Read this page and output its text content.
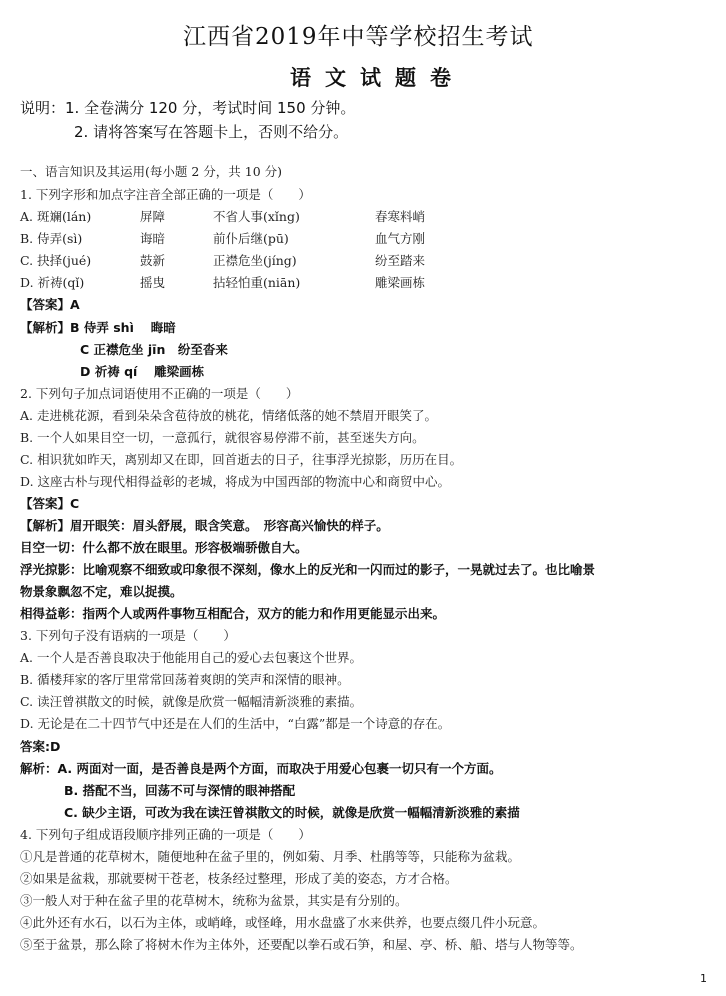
江西省2019年中等学校招生考试
语文试题卷
说明：1. 全卷满分 120 分，考试时间 150 分钟。
2. 请将答案写在答题卡上，否则不给分。
一、语言知识及其运用(每小题 2 分，共 10 分)
1. 下列字形和加点字注音全部正确的一项是（　　）
A. 斑斓(lán)	屏障	不省人事(xǐng)	春寒料峭
B. 侍弄(sì)	诲暗	前仆后继(pū)	血气方刚
C. 抉择(jué)	鼓新	正襟危坐(jíng)	纷至踏来
D. 祈祷(qǐ)	摇曳	拈轻怕重(niān)	雕梁画栋
【答案】A
【解析】B 侍弄 shì　 晦暗
C 正襟危坐 jīn　纷至沓来
D 祈祷 qí　 雕梁画栋
2. 下列句子加点词语使用不正确的一项是（　　）
A. 走进桃花源，看到朵朵含苞待放的桃花，情绪低落的她不禁眉开眼笑了。
B. 一个人如果目空一切，一意孤行，就很容易停滞不前，甚至迷失方向。
C. 相识犹如昨天，离别却又在即，回首逝去的日子，往事浮光掠影，历历在目。
D. 这座古朴与现代相得益彰的老城，将成为中国西部的物流中心和商贸中心。
【答案】C
【解析】眉开眼笑：眉头舒展，眼含笑意。　形容高兴愉快的样子。
目空一切：什么都不放在眼里。形容极端骄傲自大。
浮光掠影：比喻观察不细致或印象很不深刻，像水上的反光和一闪而过的影子，一晃就过去了。也比喻景
物景象飘忽不定，难以捉摸。
相得益彰：指两个人或两件事物互相配合，双方的能力和作用更能显示出来。
3. 下列句子没有语病的一项是（　　）
A. 一个人是否善良取决于他能用自己的爱心去包裹这个世界。
B. 循楼拜家的客厅里常常回荡着爽朗的笑声和深情的眼神。
C. 读汪曾祺散文的时候，就像是欣赏一幅幅清新淡雅的素描。
D. 无论是在二十四节气中还是在人们的生活中，“白露”都是一个诗意的存在。
答案:D
解析：A. 两面对一面，是否善良是两个方面，而取决于用爱心包裹一切只有一个方面。
B. 搭配不当，回荡不可与深情的眼神搭配
C. 缺少主语，可改为我在读汪曾祺散文的时候，就像是欣赏一幅幅清新淡雅的素描
4. 下列句子组成语段顺序排列正确的一项是（　　）
①凡是普通的花草树木，随便地种在盆子里的，例如菊、月季、杜鹃等等，只能称为盆栽。
②如果是盆栽，那就要树干苍老，枝条经过整理，形成了美的姿态，方才合格。
③一般人对于种在盆子里的花草树木，统称为盆景，其实是有分别的。
④此外还有水石，以石为主体，或峭峰，或怪峰，用水盘盛了水来供养，也要点缀几件小玩意。
⑤至于盆景，那么除了将树木作为主体外，还要配以拳石或石笋，和屋、亭、桥、船、塔与人物等等。
1
